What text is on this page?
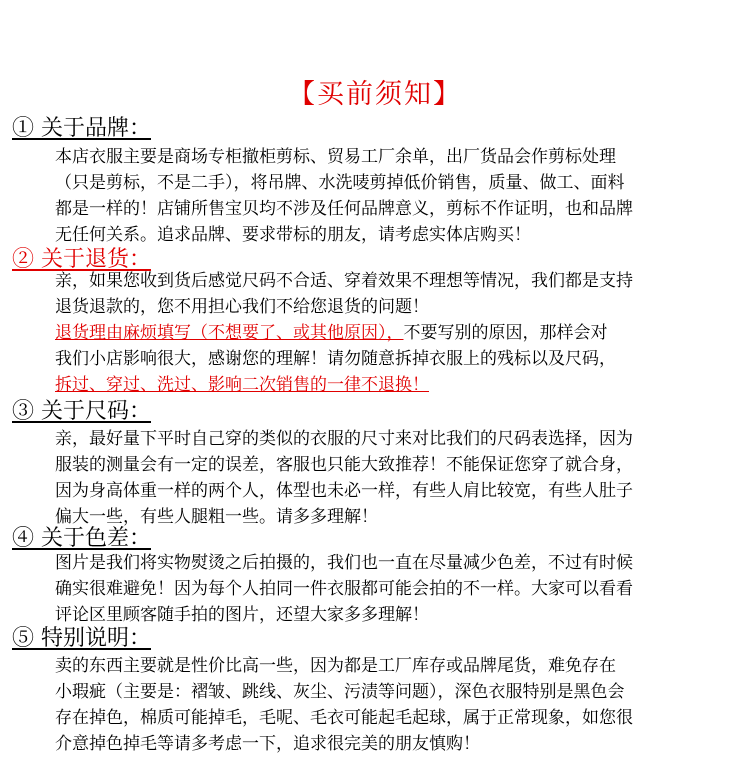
【买前须知】
① 关于品牌：
本店衣服主要是商场专柜撤柜剪标、贸易工厂余单，出厂货品会作剪标处理
（只是剪标，不是二手），将吊牌、水洗唛剪掉低价销售，质量、做工、面料
都是一样的！店铺所售宝贝均不涉及任何品牌意义，剪标不作证明，也和品牌
无任何关系。追求品牌、要求带标的朋友，请考虑实体店购买！
② 关于退货：
亲，如果您收到货后感觉尺码不合适、穿着效果不理想等情况，我们都是支持
退货退款的，您不用担心我们不给您退货的问题！
退货理由麻烦填写（不想要了、或其他原因），不要写别的原因，那样会对
我们小店影响很大，感谢您的理解！请勿随意拆掉衣服上的残标以及尺码，
拆过、穿过、洗过、影响二次销售的一律不退换！
③ 关于尺码：
亲，最好量下平时自己穿的类似的衣服的尺寸来对比我们的尺码表选择，因为
服装的测量会有一定的误差，客服也只能大致推荐！不能保证您穿了就合身，
因为身高体重一样的两个人，体型也未必一样，有些人肩比较宽，有些人肚子
偏大一些，有些人腿粗一些。请多多理解！
④ 关于色差：
图片是我们将实物熨烫之后拍摄的，我们也一直在尽量减少色差，不过有时候
确实很难避免！因为每个人拍同一件衣服都可能会拍的不一样。大家可以看看
评论区里顾客随手拍的图片，还望大家多多理解！
⑤ 特别说明：
卖的东西主要就是性价比高一些，因为都是工厂库存或品牌尾货，难免存在
小瑕疵（主要是：褶皱、跳线、灰尘、污渍等问题），深色衣服特别是黑色会
存在掉色，棉质可能掉毛，毛呢、毛衣可能起毛起球，属于正常现象，如您很
介意掉色掉毛等请多考虑一下，追求很完美的朋友慎购！
